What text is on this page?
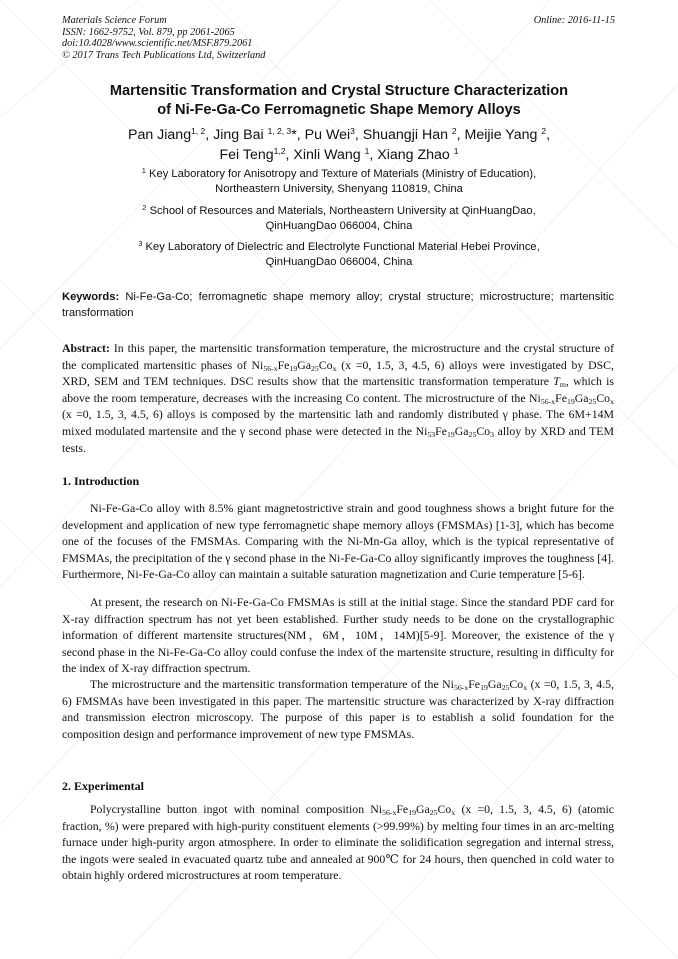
Materials Science Forum
ISSN: 1662-9752, Vol. 879, pp 2061-2065
doi:10.4028/www.scientific.net/MSF.879.2061
© 2017 Trans Tech Publications Ltd, Switzerland
Online: 2016-11-15
Martensitic Transformation and Crystal Structure Characterization
of Ni-Fe-Ga-Co Ferromagnetic Shape Memory Alloys
Pan Jiang$^{1, 2}$, Jing Bai $^{1, 2, 3}$*, Pu Wei$^3$, Shuangji Han $^2$, Meijie Yang $^2$,
Fei Teng$^{1,2}$, Xinli Wang $^1$, Xiang Zhao $^1$
$^1$ Key Laboratory for Anisotropy and Texture of Materials (Ministry of Education),
Northeastern University, Shenyang 110819, China
$^2$ School of Resources and Materials, Northeastern University at QinHuangDao,
QinHuangDao 066004, China
$^3$ Key Laboratory of Dielectric and Electrolyte Functional Material Hebei Province,
QinHuangDao 066004, China
Keywords: Ni-Fe-Ga-Co; ferromagnetic shape memory alloy; crystal structure; microstructure; martensitic transformation
Abstract: In this paper, the martensitic transformation temperature, the microstructure and the crystal structure of the complicated martensitic phases of $Ni_{56-x}Fe_{19}Ga_{25}Co_x$ (x =0, 1.5, 3, 4.5, 6) alloys were investigated by DSC, XRD, SEM and TEM techniques. DSC results show that the martensitic transformation temperature $T_m$, which is above the room temperature, decreases with the increasing Co content. The microstructure of the $Ni_{56-x}Fe_{19}Ga_{25}Co_x$ (x =0, 1.5, 3, 4.5, 6) alloys is composed by the martensitic lath and randomly distributed γ phase. The 6M+14M mixed modulated martensite and the γ second phase were detected in the $Ni_{53}Fe_{19}Ga_{25}Co_3$ alloy by XRD and TEM tests.
1. Introduction
Ni-Fe-Ga-Co alloy with 8.5% giant magnetostrictive strain and good toughness shows a bright future for the development and application of new type ferromagnetic shape memory alloys (FMSMAs) [1-3], which has become one of the focuses of the FMSMAs. Comparing with the Ni-Mn-Ga alloy, which is the typical representative of FMSMAs, the precipitation of the γ second phase in the Ni-Fe-Ga-Co alloy significantly improves the toughness [4]. Furthermore, Ni-Fe-Ga-Co alloy can maintain a suitable saturation magnetization and Curie temperature [5-6].
At present, the research on Ni-Fe-Ga-Co FMSMAs is still at the initial stage. Since the standard PDF card for X-ray diffraction spectrum has not yet been established. Further study needs to be done on the crystallographic information of different martensite structures(NM，6M，10M，14M)[5-9]. Moreover, the existence of the γ second phase in the Ni-Fe-Ga-Co alloy could confuse the index of the martensite structure, resulting in difficulty for the index of X-ray diffraction spectrum.
The microstructure and the martensitic transformation temperature of the $Ni_{56-x}Fe_{19}Ga_{25}Co_x$ (x =0, 1.5, 3, 4.5, 6) FMSMAs have been investigated in this paper. The martensitic structure was characterized by X-ray diffraction and transmission electron microscopy. The purpose of this paper is to establish a solid foundation for the composition design and performance improvement of new type FMSMAs.
2. Experimental
Polycrystalline button ingot with nominal composition $Ni_{56-x}Fe_{19}Ga_{25}Co_x$ (x =0, 1.5, 3, 4.5, 6) (atomic fraction, %) were prepared with high-purity constituent elements (>99.99%) by melting four times in an arc-melting furnace under high-purity argon atmosphere. In order to eliminate the solidification segregation and internal stress, the ingots were sealed in evacuated quartz tube and annealed at 900℃ for 24 hours, then quenched in cold water to obtain highly ordered microstructures at room temperature.
